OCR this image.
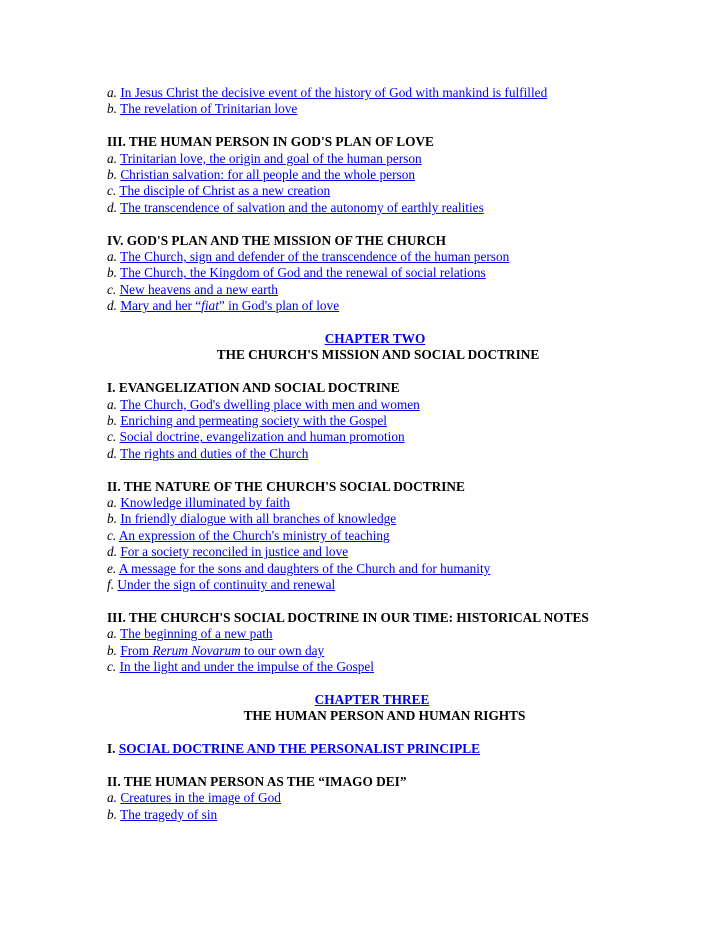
a. In Jesus Christ the decisive event of the history of God with mankind is fulfilled
b. The revelation of Trinitarian love
III. THE HUMAN PERSON IN GOD'S PLAN OF LOVE
a. Trinitarian love, the origin and goal of the human person
b. Christian salvation: for all people and the whole person
c. The disciple of Christ as a new creation
d. The transcendence of salvation and the autonomy of earthly realities
IV. GOD'S PLAN AND THE MISSION OF THE CHURCH
a. The Church, sign and defender of the transcendence of the human person
b. The Church, the Kingdom of God and the renewal of social relations
c. New heavens and a new earth
d. Mary and her “fiat” in God's plan of love
CHAPTER TWO
THE CHURCH'S MISSION AND SOCIAL DOCTRINE
I. EVANGELIZATION AND SOCIAL DOCTRINE
a. The Church, God's dwelling place with men and women
b. Enriching and permeating society with the Gospel
c. Social doctrine, evangelization and human promotion
d. The rights and duties of the Church
II. THE NATURE OF THE CHURCH'S SOCIAL DOCTRINE
a. Knowledge illuminated by faith
b. In friendly dialogue with all branches of knowledge
c. An expression of the Church's ministry of teaching
d. For a society reconciled in justice and love
e. A message for the sons and daughters of the Church and for humanity
f. Under the sign of continuity and renewal
III. THE CHURCH'S SOCIAL DOCTRINE IN OUR TIME: HISTORICAL NOTES
a. The beginning of a new path
b. From Rerum Novarum to our own day
c. In the light and under the impulse of the Gospel
CHAPTER THREE
THE HUMAN PERSON AND HUMAN RIGHTS
I. SOCIAL DOCTRINE AND THE PERSONALIST PRINCIPLE
II. THE HUMAN PERSON AS THE “IMAGO DEI”
a. Creatures in the image of God
b. The tragedy of sin
